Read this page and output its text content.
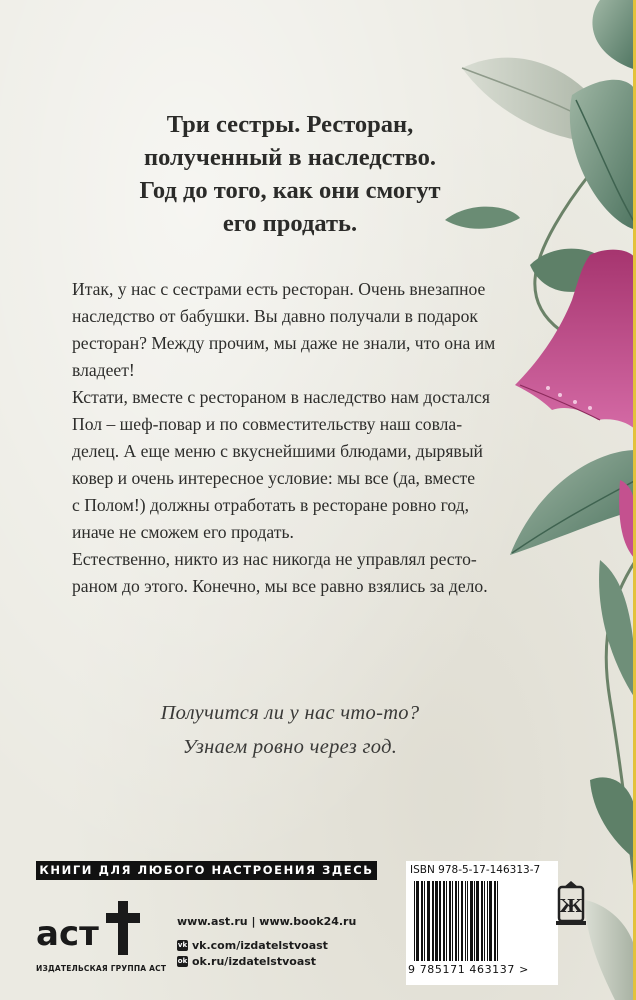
Три сестры. Ресторан,
полученный в наследство.
Год до того, как они смогут
его продать.
Итак, у нас с сестрами есть ресторан. Очень внезапное
наследство от бабушки. Вы давно получали в подарок
ресторан? Между прочим, мы даже не знали, что она им
владеет!
Кстати, вместе с рестораном в наследство нам достался
Пол – шеф-повар и по совместительству наш совла-
делец. А еще меню с вкуснейшими блюдами, дырявый
ковер и очень интересное условие: мы все (да, вместе
с Полом!) должны отработать в ресторане ровно год,
иначе не сможем его продать.
Естественно, никто из нас никогда не управлял ресто-
раном до этого. Конечно, мы все равно взялись за дело.
Получится ли у нас что-то?
Узнаем ровно через год.
КНИГИ ДЛЯ ЛЮБОГО НАСТРОЕНИЯ ЗДЕСЬ
aст
ИЗДАТЕЛЬСКАЯ ГРУППА АСТ
www.ast.ru | www.book24.ru
vk vk.com/izdatelstvoast
ok ok.ru/izdatelstvoast
ISBN 978-5-17-146313-7
9 785171 463137 >
Ж
